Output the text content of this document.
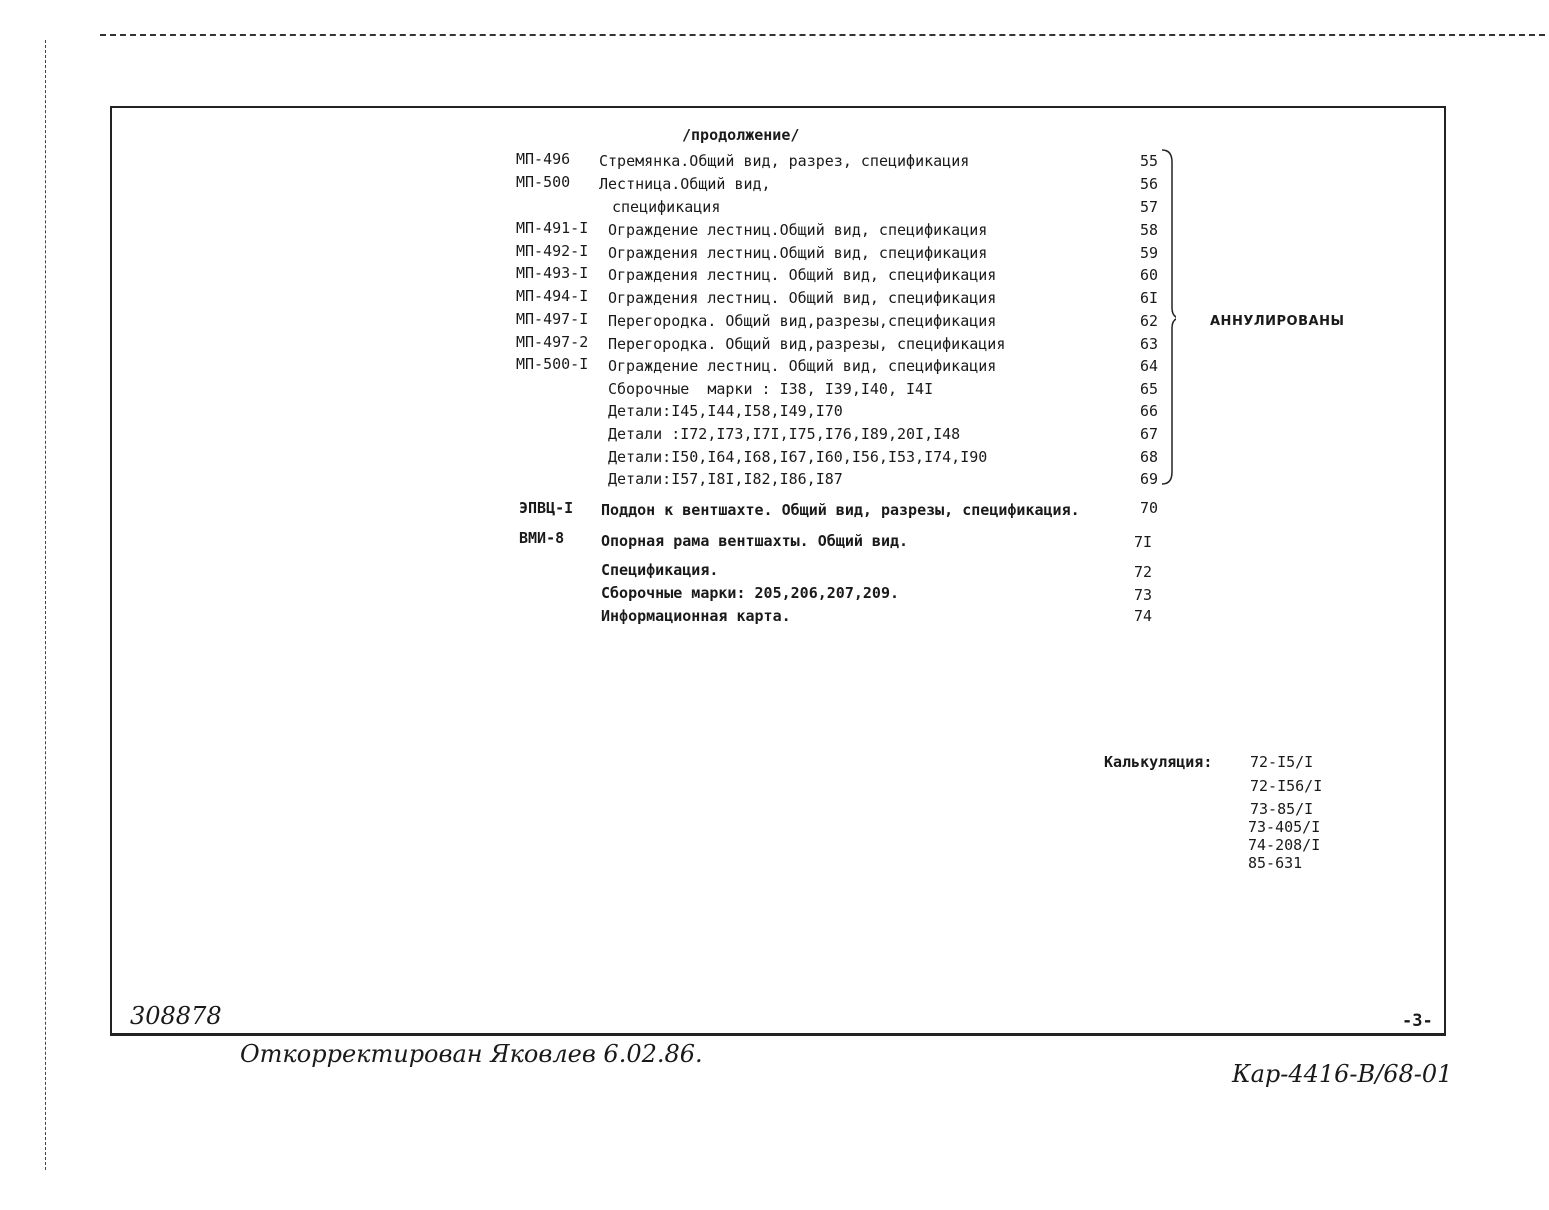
/продолжение/
МП-496 Стремянка.Общий вид, разрез, спецификация	55
МП-500 Лестница.Общий вид,	56
спецификация	57
МП-491-I Ограждение лестниц.Общий вид, спецификация	58
МП-492-I Ограждения лестниц.Общий вид, спецификация	59
МП-493-I Ограждения лестниц. Общий вид, спецификация	60
МП-494-I Ограждения лестниц. Общий вид, спецификация	6I
МП-497-I Перегородка. Общий вид,разрезы,спецификация	62
МП-497-2 Перегородка. Общий вид,разрезы, спецификация	63
МП-500-I Ограждение лестниц. Общий вид, спецификация	64
Сборочные  марки : I38, I39,I40, I4I	65
Детали:I45,I44,I58,I49,I70	66
Детали :I72,I73,I7I,I75,I76,I89,20I,I48	67
Детали:I50,I64,I68,I67,I60,I56,I53,I74,I90	68
Детали:I57,I8I,I82,I86,I87	69
ЭПВЦ-I Поддон к вентшахте. Общий вид, разрезы, спецификация.	70
ВМИ-8 Опорная рама вентшахты. Общий вид.	7I
Спецификация.	72
Сборочные марки: 205,206,207,209.	73
Информационная карта.	74
АННУЛИРОВАНЫ
Калькуляция:	72-I5/I
72-I56/I
73-85/I
73-405/I
74-208/I
85-631
-3-
308878
Откорректирован Яковлев 6.02.86.
Кар-4416-В/68-01
